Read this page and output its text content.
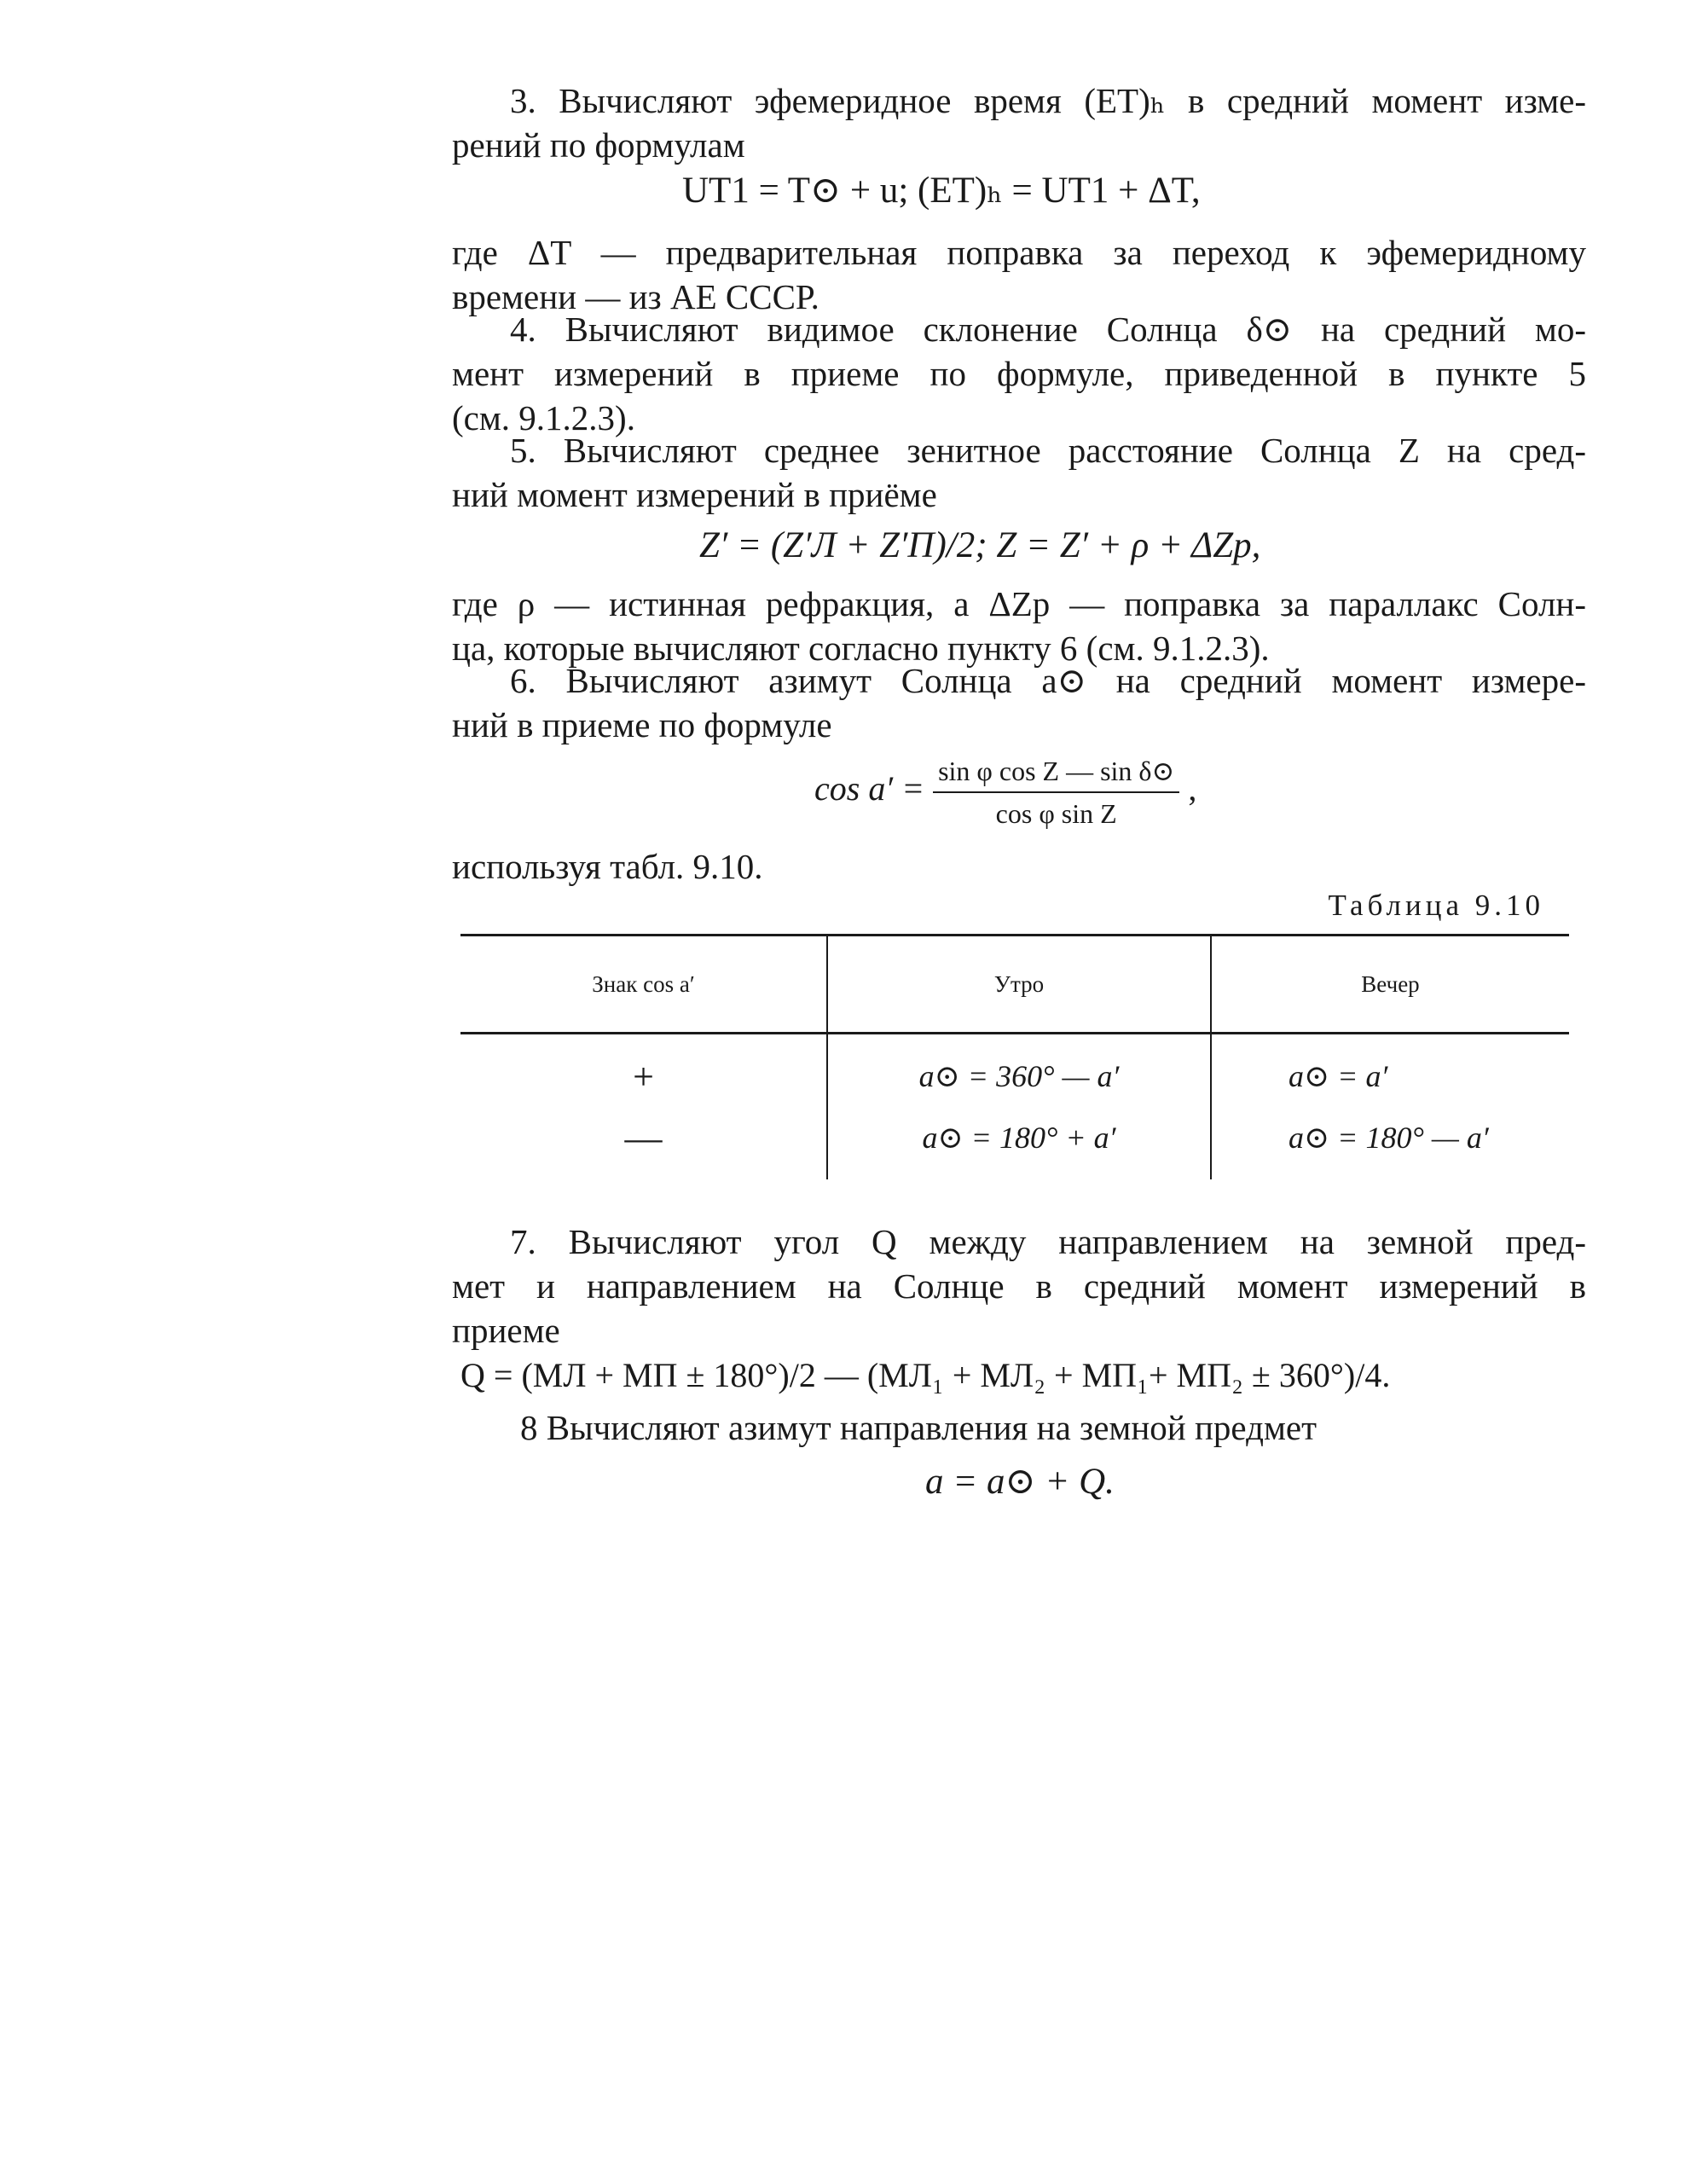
3. Вычисляют эфемеридное время (ET)ₕ в средний момент изме-
рений по формулам
UT1 = T⊙ + u; (ET)ₕ = UT1 + ΔT,
где ΔT — предварительная поправка за переход к эфемеридному
времени — из АЕ СССР.
4. Вычисляют видимое склонение Солнца δ⊙ на средний мо-
мент измерений в приеме по формуле, приведенной в пункте 5
(см. 9.1.2.3).
5. Вычисляют среднее зенитное расстояние Солнца Z на сред-
ний момент измерений в приёме
Z′ = (Z′Л + Z′П)/2; Z = Z′ + ρ + ΔZp,
где ρ — истинная рефракция, а ΔZp — поправка за параллакс Солн-
ца, которые вычисляют согласно пункту 6 (см. 9.1.2.3).
6. Вычисляют азимут Солнца a⊙ на средний момент измере-
ний в приеме по формуле
$\cos a' = \frac{\text{sin φ cos Z — sin δ⊙}}{\text{cos φ sin Z}}$ ,
используя табл. 9.10.
Таблица 9.10
Знак cos a′	Утро	Вечер
+	a⊙ = 360° — a′	a⊙ = a′
—	a⊙ = 180° + a′	a⊙ = 180° — a′
7. Вычисляют угол Q между направлением на земной пред-
мет и направлением на Солнце в средний момент измерений в
приеме
Q = (МЛ + МП ± 180°)/2 — (МЛ₁ + МЛ₂ + МП₁+ МП₂ ± 360°)/4.
8 Вычисляют азимут направления на земной предмет
a = a⊙ + Q.
